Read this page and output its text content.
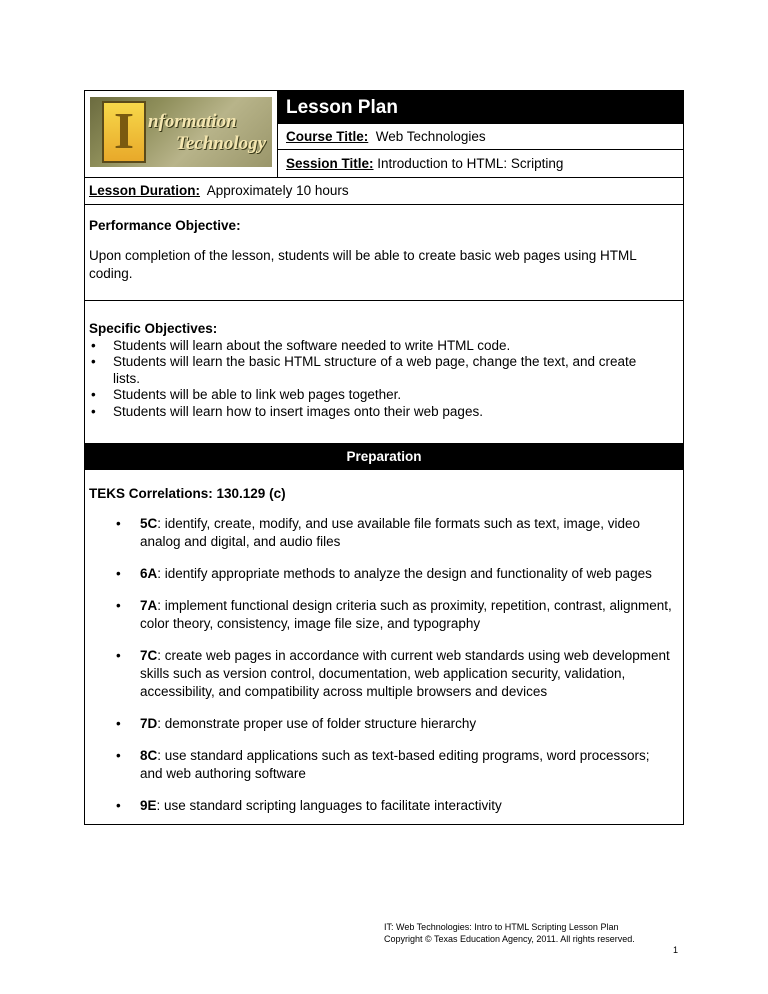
I nformation
Technology
Lesson Plan
Course Title: Web Technologies
Session Title: Introduction to HTML: Scripting
Lesson Duration: Approximately 10 hours
Performance Objective:
Upon completion of the lesson, students will be able to create basic web pages using HTML coding.
Specific Objectives:
• Students will learn about the software needed to write HTML code.
• Students will learn the basic HTML structure of a web page, change the text, and create lists.
• Students will be able to link web pages together.
• Students will learn how to insert images onto their web pages.
Preparation
TEKS Correlations: 130.129 (c)
• 5C: identify, create, modify, and use available file formats such as text, image, video analog and digital, and audio files
• 6A: identify appropriate methods to analyze the design and functionality of web pages
• 7A: implement functional design criteria such as proximity, repetition, contrast, alignment, color theory, consistency, image file size, and typography
• 7C: create web pages in accordance with current web standards using web development skills such as version control, documentation, web application security, validation, accessibility, and compatibility across multiple browsers and devices
• 7D: demonstrate proper use of folder structure hierarchy
• 8C: use standard applications such as text-based editing programs, word processors; and web authoring software
• 9E: use standard scripting languages to facilitate interactivity
IT: Web Technologies: Intro to HTML Scripting Lesson Plan
Copyright © Texas Education Agency, 2011. All rights reserved.
1
